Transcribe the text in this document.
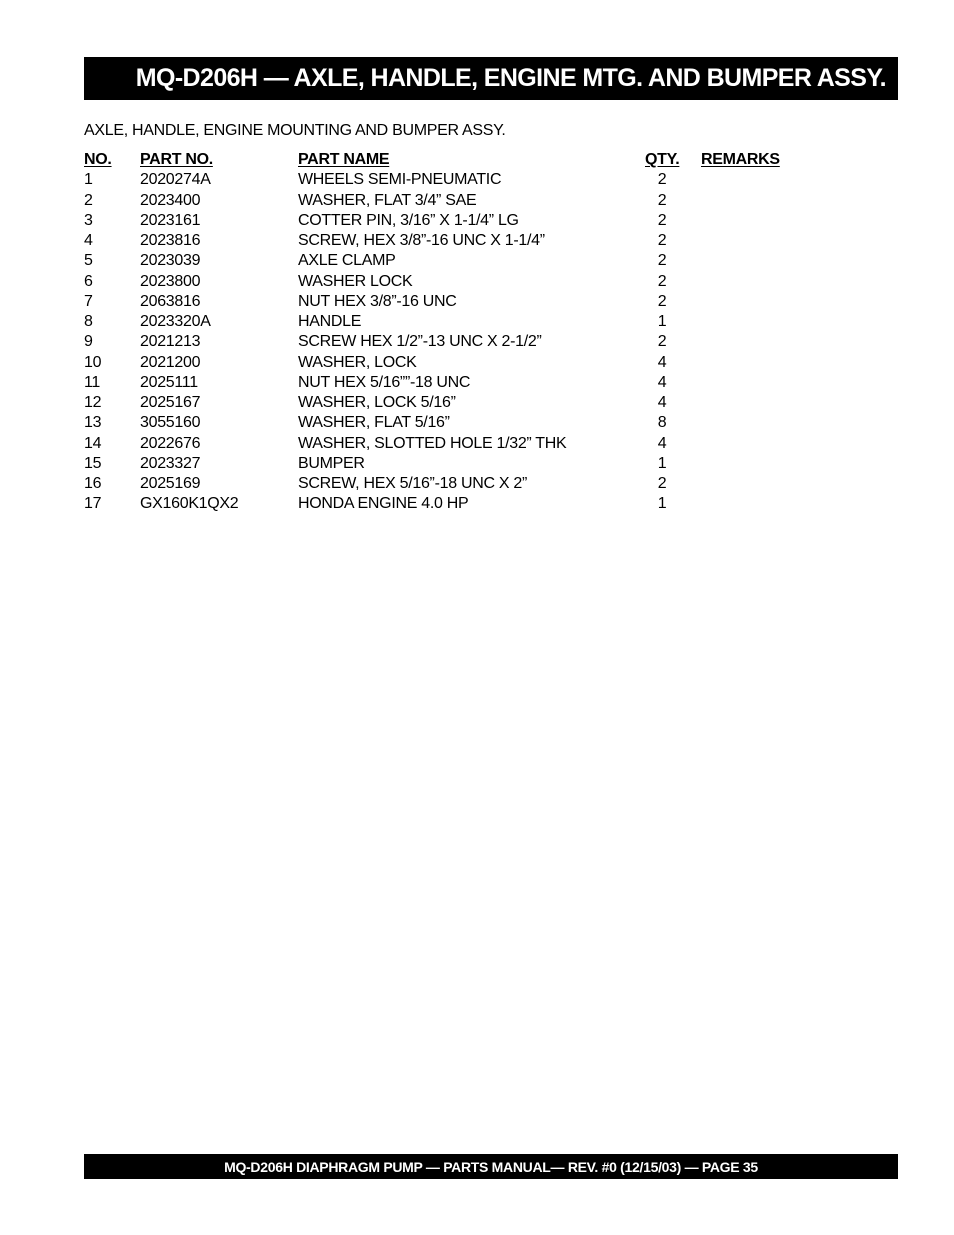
MQ-D206H — AXLE, HANDLE, ENGINE MTG. AND BUMPER ASSY.
AXLE, HANDLE, ENGINE MOUNTING AND BUMPER ASSY.
NO. PART NO.	PART NAME	QTY. REMARKS
1	2020274A	WHEELS SEMI-PNEUMATIC	2
2	2023400	WASHER, FLAT 3/4” SAE	2
3	2023161	COTTER PIN, 3/16” X 1-1/4” LG	2
4	2023816	SCREW, HEX 3/8”-16 UNC X 1-1/4”	2
5	2023039	AXLE CLAMP	2
6	2023800	WASHER LOCK	2
7	2063816	NUT HEX 3/8”-16 UNC	2
8	2023320A	HANDLE	1
9	2021213	SCREW HEX 1/2”-13 UNC X 2-1/2”	2
10 2021200	WASHER, LOCK	4
11 2025111	NUT HEX 5/16””-18 UNC	4
12 2025167	WASHER, LOCK 5/16”	4
13 3055160	WASHER, FLAT 5/16”	8
14 2022676	WASHER, SLOTTED HOLE 1/32” THK	4
15 2023327	BUMPER	1
16 2025169	SCREW, HEX 5/16”-18 UNC X 2”	2
17 GX160K1QX2	HONDA ENGINE 4.0 HP	1
MQ-D206H DIAPHRAGM PUMP — PARTS MANUAL— REV. #0 (12/15/03) — PAGE 35
